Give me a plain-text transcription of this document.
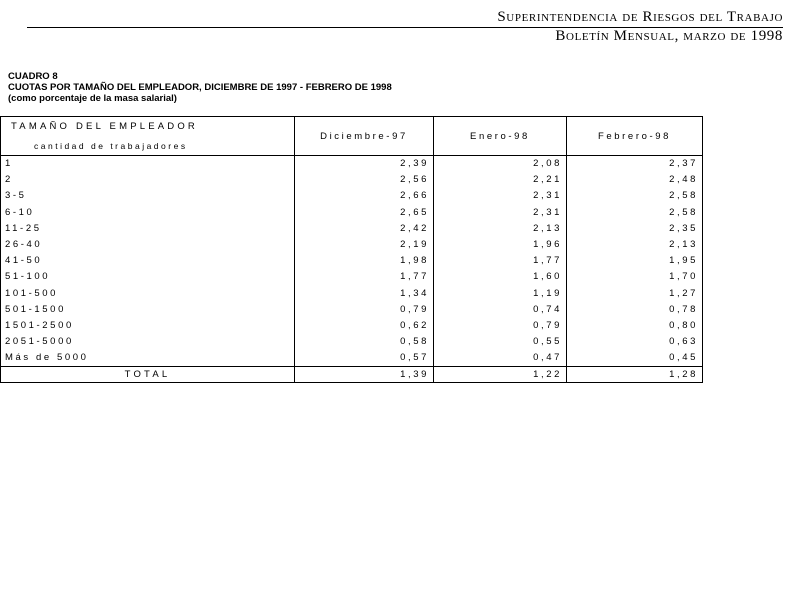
Superintendencia de Riesgos del Trabajo
Boletín Mensual, marzo de 1998
CUADRO 8
CUOTAS POR TAMAÑO DEL EMPLEADOR, DICIEMBRE DE 1997 - FEBRERO DE 1998
(como porcentaje de la masa salarial)
TAMAÑO DEL EMPLEADOR	Diciembre-97	Enero-98	Febrero-98
cantidad de trabajadores			
1	2,39	2,08	2,37
2	2,56	2,21	2,48
3-5	2,66	2,31	2,58
6-10	2,65	2,31	2,58
11-25	2,42	2,13	2,35
26-40	2,19	1,96	2,13
41-50	1,98	1,77	1,95
51-100	1,77	1,60	1,70
101-500	1,34	1,19	1,27
501-1500	0,79	0,74	0,78
1501-2500	0,62	0,79	0,80
2051-5000	0,58	0,55	0,63
Más de 5000	0,57	0,47	0,45
TOTAL	1,39	1,22	1,28
